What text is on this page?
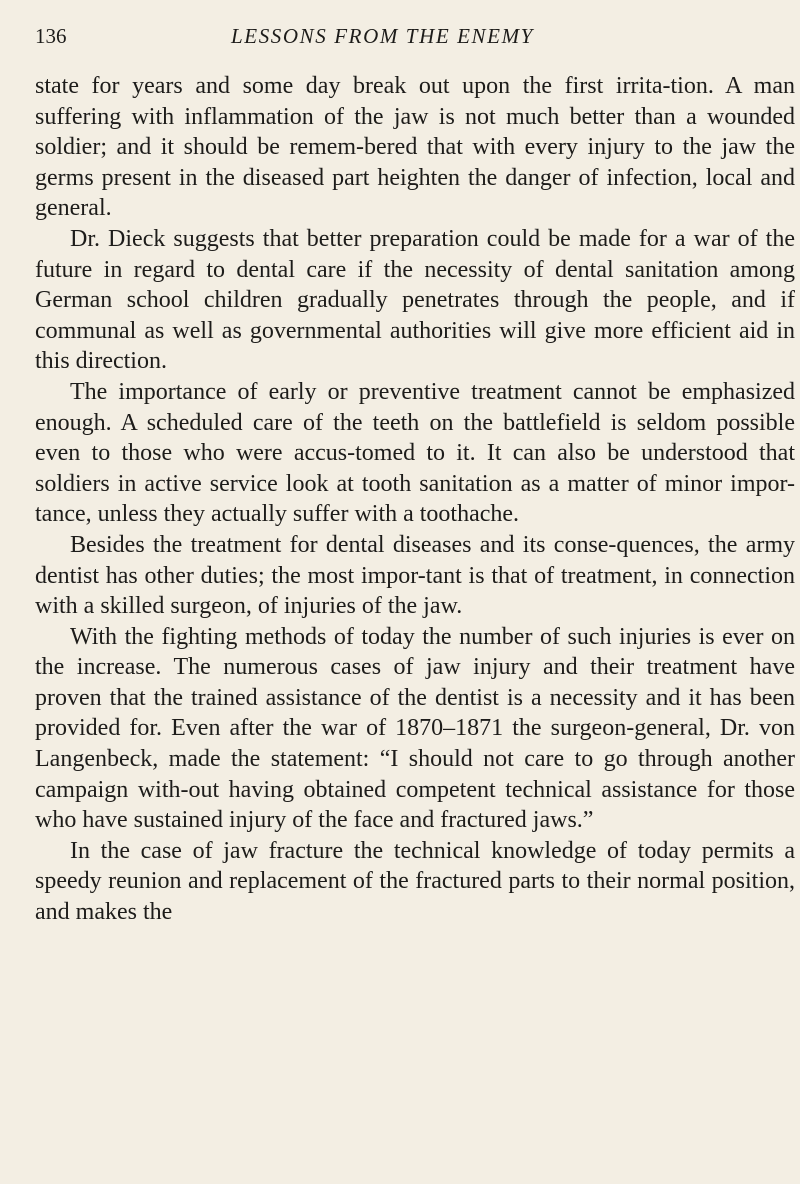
136	LESSONS FROM THE ENEMY

state for years and some day break out upon the first irrita-tion. A man suffering with inflammation of the jaw is not much better than a wounded soldier; and it should be remem-bered that with every injury to the jaw the germs present in the diseased part heighten the danger of infection, local and general.

Dr. Dieck suggests that better preparation could be made for a war of the future in regard to dental care if the necessity of dental sanitation among German school children gradually penetrates through the people, and if communal as well as governmental authorities will give more efficient aid in this direction.

The importance of early or preventive treatment cannot be emphasized enough. A scheduled care of the teeth on the battlefield is seldom possible even to those who were accus-tomed to it. It can also be understood that soldiers in active service look at tooth sanitation as a matter of minor impor-tance, unless they actually suffer with a toothache.

Besides the treatment for dental diseases and its conse-quences, the army dentist has other duties; the most impor-tant is that of treatment, in connection with a skilled surgeon, of injuries of the jaw.

With the fighting methods of today the number of such injuries is ever on the increase. The numerous cases of jaw injury and their treatment have proven that the trained assistance of the dentist is a necessity and it has been provided for. Even after the war of 1870–1871 the surgeon-general, Dr. von Langenbeck, made the statement: “I should not care to go through another campaign with-out having obtained competent technical assistance for those who have sustained injury of the face and fractured jaws.”

In the case of jaw fracture the technical knowledge of today permits a speedy reunion and replacement of the fractured parts to their normal position, and makes the
